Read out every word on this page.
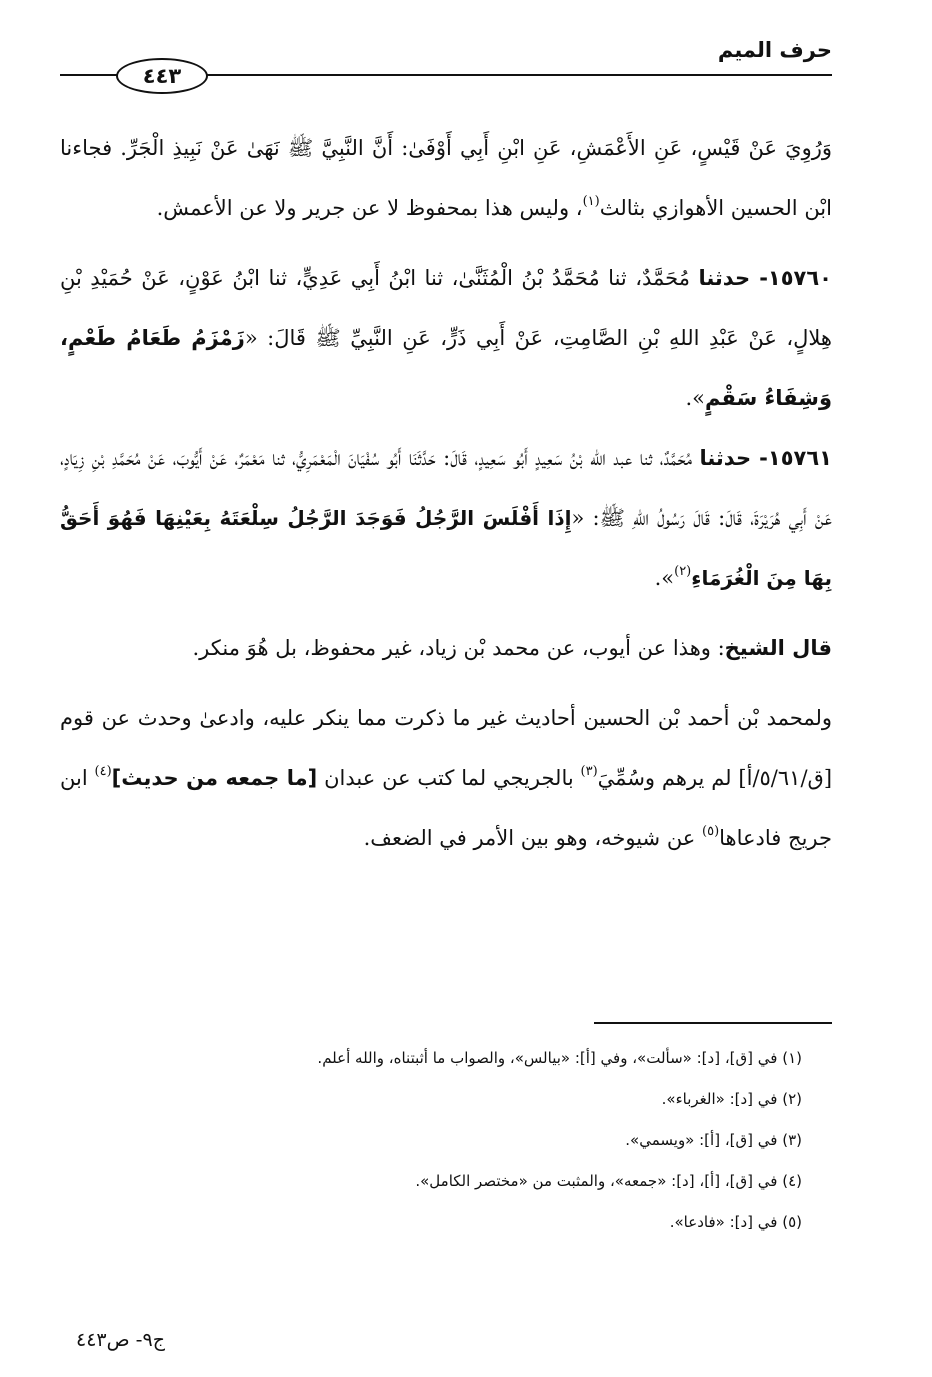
حرف الميم
٤٤٣

وَرُوِيَ عَنْ قَيْسٍ، عَنِ الأَعْمَشِ، عَنِ ابْنِ أَبِي أَوْفَىٰ: أَنَّ النَّبِيَّ ﷺ نَهَىٰ عَنْ نَبِيذِ الْجَرِّ. فجاءنا ابْن الحسين الأهوازي بثالث$^{(١)}$، وليس هذا بمحفوظ لا عن جرير ولا عن الأعمش.

١٥٧٦٠- حدثنا مُحَمَّدٌ، ثنا مُحَمَّدُ بْنُ الْمُثَنَّىٰ، ثنا ابْنُ أَبِي عَدِيٍّ، ثنا ابْنُ عَوْنٍ، عَنْ حُمَيْدِ بْنِ هِلالٍ، عَنْ عَبْدِ اللهِ بْنِ الصَّامِتِ، عَنْ أَبِي ذَرٍّ، عَنِ النَّبِيِّ ﷺ قَالَ: «زَمْزَمُ طَعَامُ طَعْمٍ، وَشِفَاءُ سَقْمٍ».

١٥٧٦١- حدثنا مُحَمَّدٌ، ثنا عبد الله بْنُ سَعِيدٍ أَبُو سَعِيدٍ، قَالَ: حَدَّثَنَا أَبُو سُفْيَانَ الْمَعْمَرِيُّ، ثنا مَعْمَرٌ، عَنْ أَيُّوبَ، عَنْ مُحَمَّدِ بْنِ زِيَادٍ، عَنْ أَبِي هُرَيْرَةَ، قَالَ: قَالَ رَسُولُ اللهِ ﷺ: «إِذَا أَفْلَسَ الرَّجُلُ فَوَجَدَ الرَّجُلُ سِلْعَتَهُ بِعَيْنِهَا فَهُوَ أَحَقُّ بِهَا مِنَ الْغُرَمَاءِ$^{(٢)}$».

قال الشيخ: وهذا عن أيوب، عن محمد بْن زياد، غير محفوظ، بل هُوَ منكر.

ولمحمد بْن أحمد بْن الحسين أحاديث غير ما ذكرت مما ينكر عليه، وادعىٰ وحدث عن قوم [ق/٥/٦١/أ] لم يرهم وسُمِّيَ$^{(٣)}$ بالجريجي لما كتب عن عبدان [ما جمعه من حديث]$^{(٤)}$ ابن جريج فادعاها$^{(٥)}$ عن شيوخه، وهو بين الأمر في الضعف.

(١) في [ق]، [د]: «سألت»، وفي [أ]: «بيالس»، والصواب ما أثبتناه، والله أعلم.

(٢) في [د]: «الغرباء».

(٣) في [ق]، [أ]: «ويسمي».

(٤) في [ق]، [أ]، [د]: «جمعه»، والمثبت من «مختصر الكامل».

(٥) في [د]: «فادعا».

ج٩- ص٤٤٣
